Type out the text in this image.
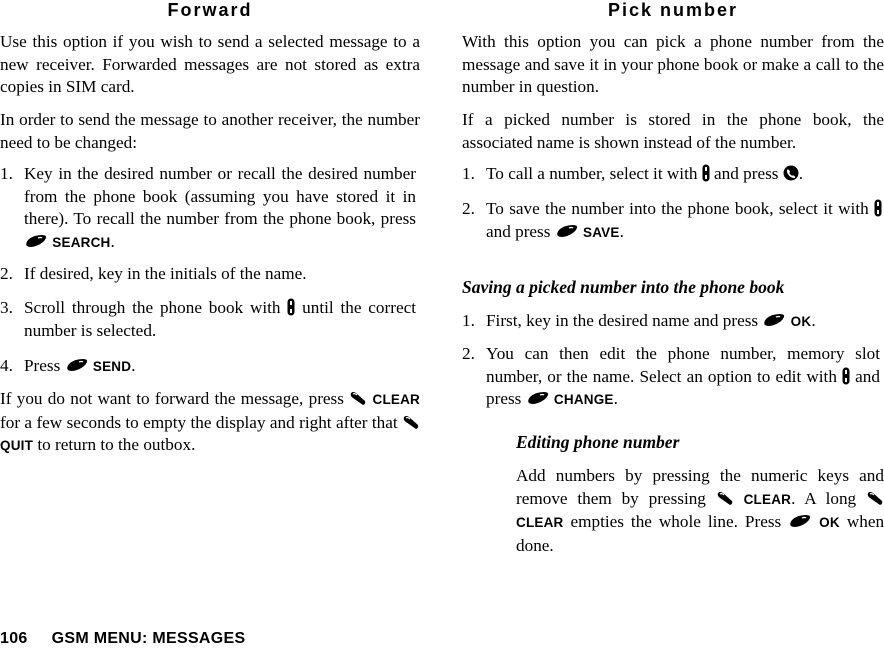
Forward

Use this option if you wish to send a selected message to a new receiver. Forwarded messages are not stored as extra copies in SIM card.

In order to send the message to another receiver, the number need to be changed:

1. Key in the desired number or recall the desired number from the phone book (assuming you have stored it in there). To recall the number from the phone book, press  SEARCH.
2. If desired, key in the initials of the name.
3. Scroll through the phone book with until the correct number is selected.
4. Press SEND.

If you do not want to forward the message, press CLEAR for a few seconds to empty the display and right after that  QUIT to return to the outbox.

Pick number

With this option you can pick a phone number from the message and save it in your phone book or make a call to the number in question.

If a picked number is stored in the phone book, the associated name is shown instead of the number.

1. To call a number, select it with and press .
2. To save the number into the phone book, select it with  and press SAVE.

Saving a picked number into the phone book

1. First, key in the desired name and press OK.
2. You can then edit the phone number, memory slot number, or the name. Select an option to edit with and press CHANGE.

Editing phone number

Add numbers by pressing the numeric keys and remove them by pressing	CLEAR. A long CLEAR empties the whole line. Press	OK when done.

106 GSM MENU: MESSAGES
